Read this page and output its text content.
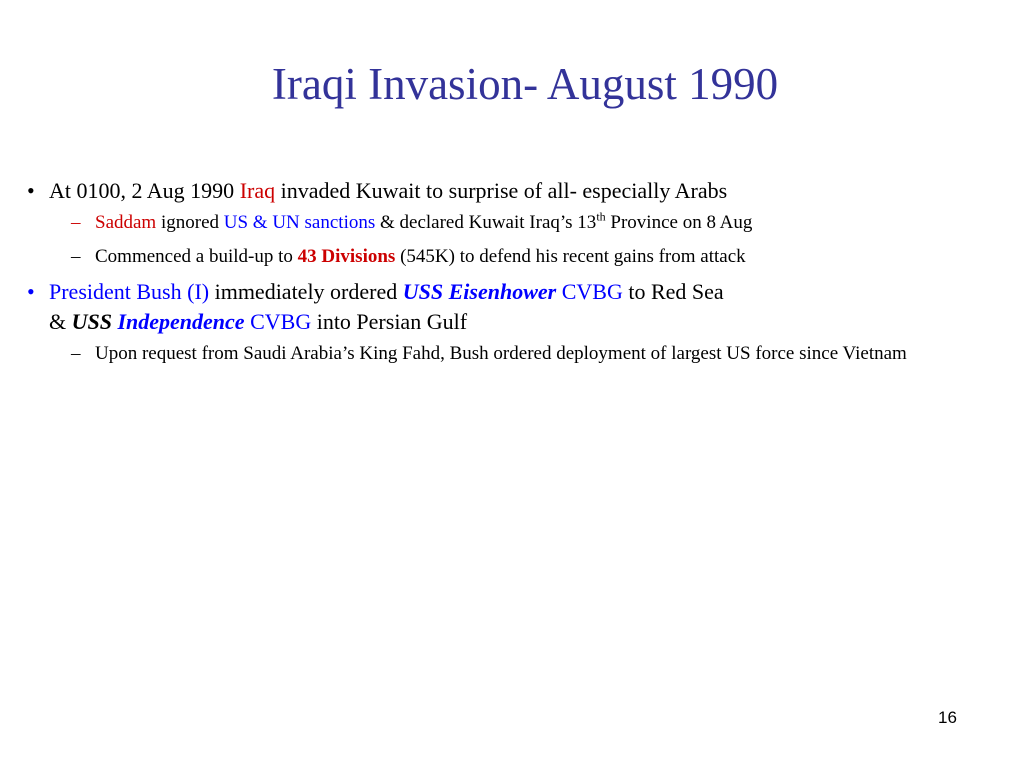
Iraqi Invasion- August 1990
• At 0100, 2 Aug 1990 Iraq invaded Kuwait to surprise of all- especially Arabs
– Saddam ignored US & UN sanctions & declared Kuwait Iraq’s 13th Province on 8 Aug
– Commenced a build-up to 43 Divisions (545K) to defend his recent gains from attack
• President Bush (I) immediately ordered USS Eisenhower CVBG to Red Sea
& USS Independence CVBG into Persian Gulf
– Upon request from Saudi Arabia’s King Fahd, Bush ordered deployment of largest US force since Vietnam
16
